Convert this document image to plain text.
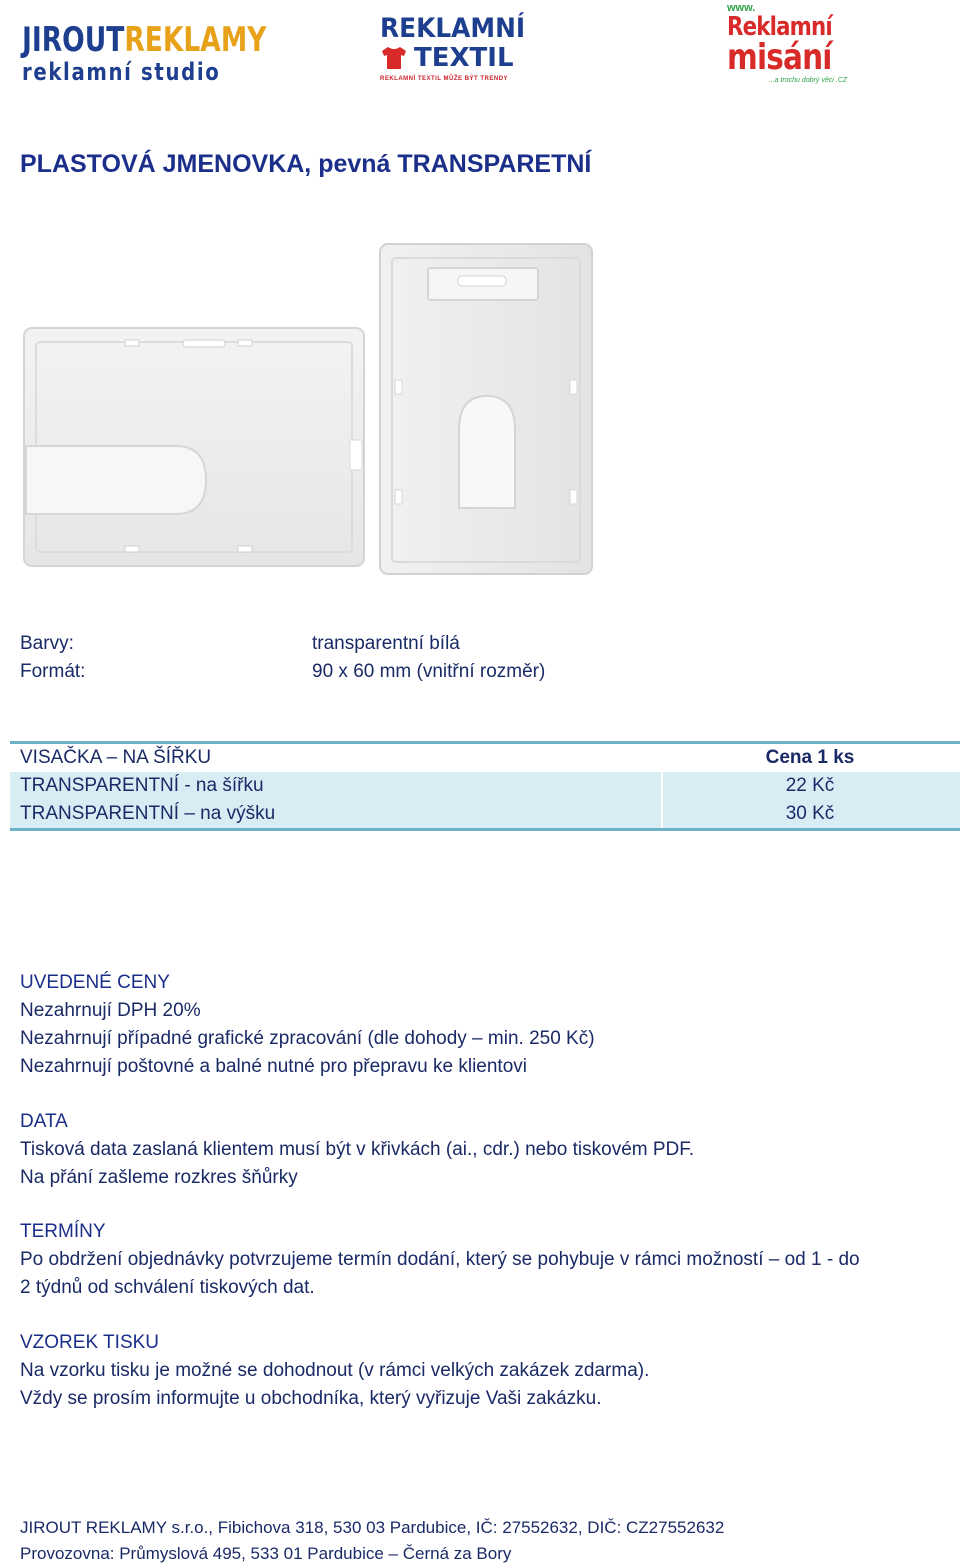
JIROUTREKLAMY
reklamní studio
REKLAMNÍ
TEXTIL
REKLAMNÍ TEXTIL MŮŽE BÝT TRENDY
www.
Reklamní
misání
...a trochu dobrý věci .CZ
PLASTOVÁ JMENOVKA, pevná TRANSPARETNÍ
Barvy:	transparentní bílá
Formát:	90 x 60 mm (vnitřní rozměr)
VISAČKA – NA ŠÍŘKU	Cena 1 ks
TRANSPARENTNÍ - na šířku	22 Kč
TRANSPARENTNÍ – na výšku	30 Kč
UVEDENÉ CENY
Nezahrnují DPH 20%
Nezahrnují případné grafické zpracování (dle dohody – min. 250 Kč)
Nezahrnují poštovné a balné nutné pro přepravu ke klientovi
DATA
Tisková data zaslaná klientem musí být v křivkách (ai., cdr.) nebo tiskovém PDF.
Na přání zašleme rozkres šňůrky
TERMÍNY
Po obdržení objednávky potvrzujeme termín dodání, který se pohybuje v rámci možností – od 1 - do
2 týdnů od schválení tiskových dat.
VZOREK TISKU
Na vzorku tisku je možné se dohodnout (v rámci velkých zakázek zdarma).
Vždy se prosím informujte u obchodníka, který vyřizuje Vaši zakázku.
JIROUT REKLAMY s.r.o., Fibichova 318, 530 03 Pardubice, IČ: 27552632, DIČ: CZ27552632
Provozovna: Průmyslová 495, 533 01 Pardubice – Černá za Bory
